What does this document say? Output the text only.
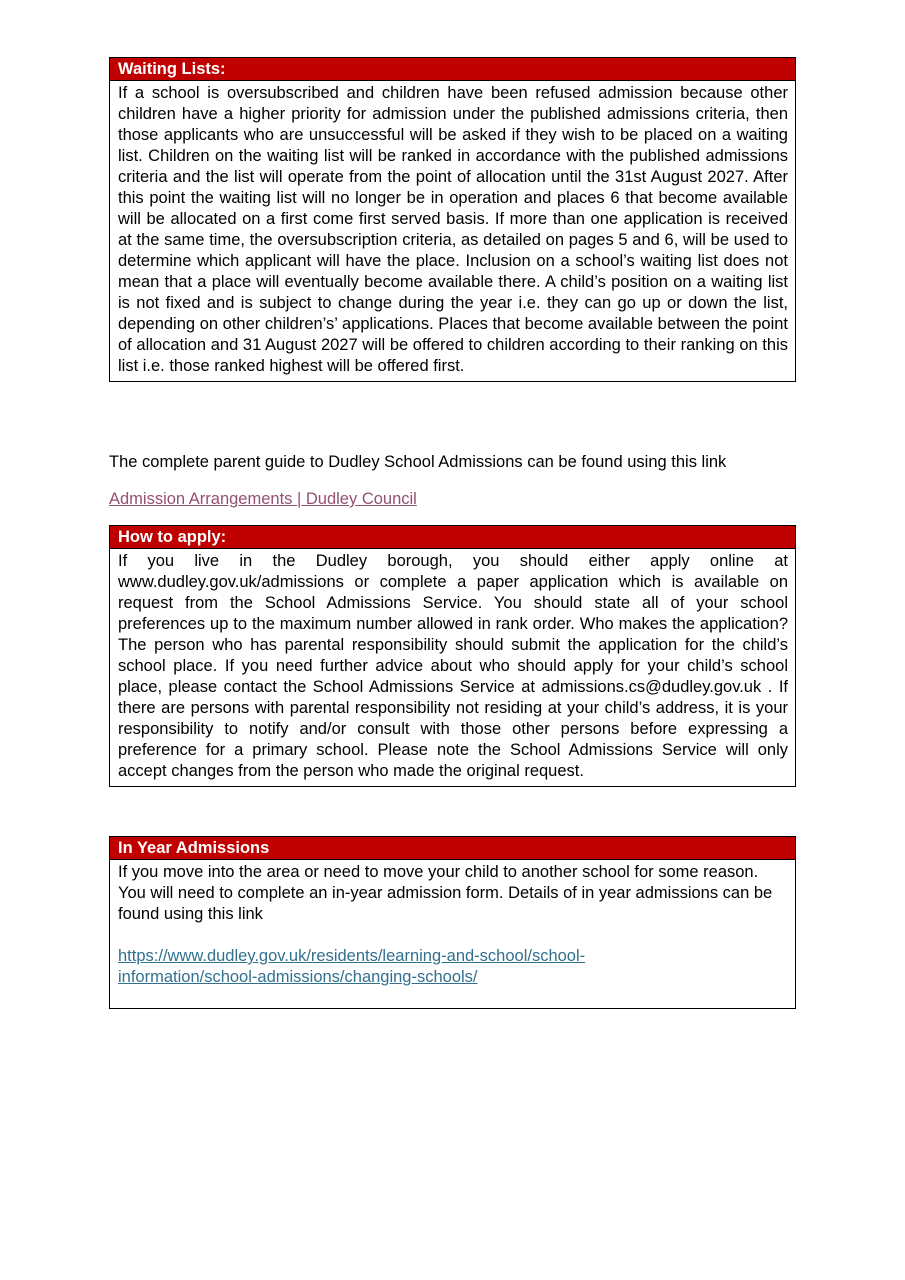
Waiting Lists:

If a school is oversubscribed and children have been refused admission because other children have a higher priority for admission under the published admissions criteria, then those applicants who are unsuccessful will be asked if they wish to be placed on a waiting list. Children on the waiting list will be ranked in accordance with the published admissions criteria and the list will operate from the point of allocation until the 31st August 2027. After this point the waiting list will no longer be in operation and places 6 that become available will be allocated on a first come first served basis. If more than one application is received at the same time, the oversubscription criteria, as detailed on pages 5 and 6, will be used to determine which applicant will have the place. Inclusion on a school’s waiting list does not mean that a place will eventually become available there. A child’s position on a waiting list is not fixed and is subject to change during the year i.e. they can go up or down the list, depending on other children’s’ applications. Places that become available between the point of allocation and 31 August 2027 will be offered to children according to their ranking on this list i.e. those ranked highest will be offered first.

The complete parent guide to Dudley School Admissions can be found using this link
Admission Arrangements | Dudley Council
How to apply:

If you live in the Dudley borough, you should either apply online at www.dudley.gov.uk/admissions or complete a paper application which is available on request from the School Admissions Service. You should state all of your school preferences up to the maximum number allowed in rank order. Who makes the application? The person who has parental responsibility should submit the application for the child’s school place. If you need further advice about who should apply for your child’s school place, please contact the School Admissions Service at admissions.cs@dudley.gov.uk . If there are persons with parental responsibility not residing at your child’s address, it is your responsibility to notify and/or consult with those other persons before expressing a preference for a primary school. Please note the School Admissions Service will only accept changes from the person who made the original request.

In Year Admissions

If you move into the area or need to move your child to another school for some reason. You will need to complete an in-year admission form. Details of in year admissions can be found using this link

https://www.dudley.gov.uk/residents/learning-and-school/school-
information/school-admissions/changing-schools/
